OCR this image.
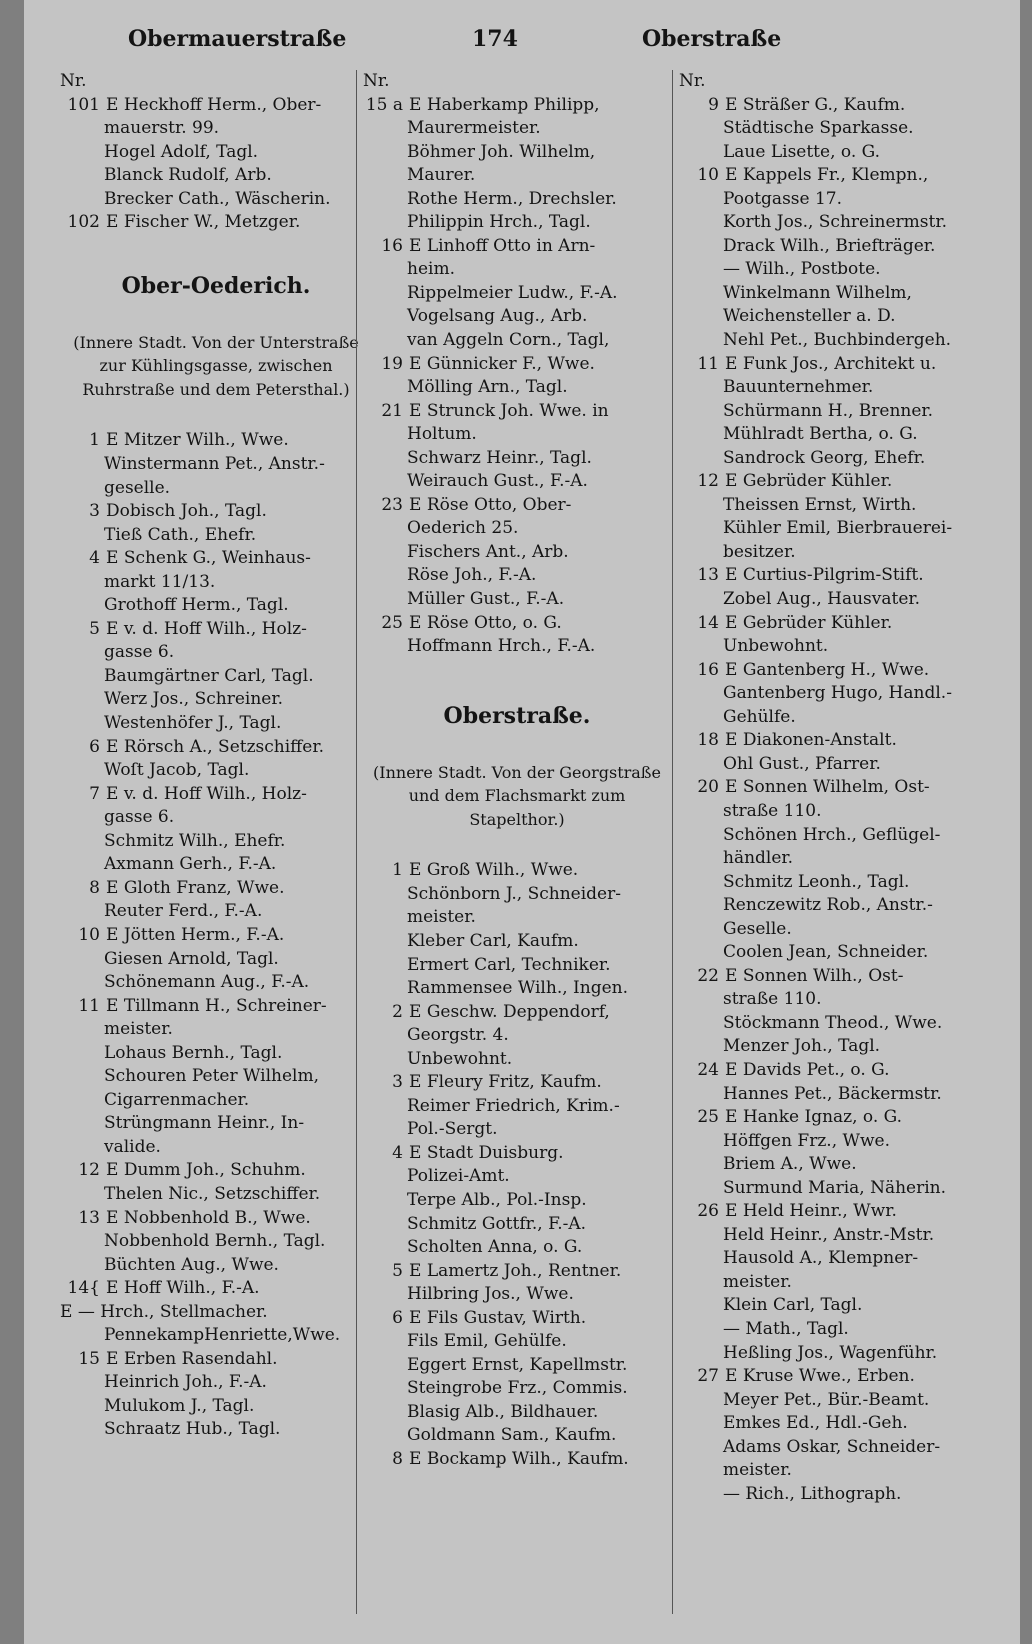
Obermauerstraße	174	Oberstraße
Nr.
101 E Heckhoff Herm., Ober-
mauerstr. 99.
Hogel Adolf, Tagl.
Blanck Rudolf, Arb.
Brecker Cath., Wäscherin.
102 E Fischer W., Metzger.
Ober-Oederich.
(Innere Stadt. Von der Unterstraße zur Kühlingsgasse, zwischen Ruhrstraße und dem Petersthal.)
1 E Mitzer Wilh., Wwe.
Winstermann Pet., Anstr.-
gesellе.
3 Dobisch Joh., Tagl.
Tieß Cath., Ehefr.
4 E Schenk G., Weinhaus-
markt 11/13.
Grothoff Herm., Tagl.
5 E v. d. Hoff Wilh., Holz-
gasse 6.
Baumgärtner Carl, Tagl.
Werz Jos., Schreiner.
Westenhöfer J., Tagl.
6 E Rörsch A., Setzschiffer.
Woſt Jacob, Tagl.
7 E v. d. Hoff Wilh., Holz-
gasse 6.
Schmitz Wilh., Ehefr.
Axmann Gerh., F.-A.
8 E Gloth Franz, Wwe.
Reuter Ferd., F.-A.
10 E Jötten Herm., F.-A.
Giesen Arnold, Tagl.
Schönemann Aug., F.-A.
11 E Tillmann H., Schreiner-
meister.
Lohaus Bernh., Tagl.
Schouren Peter Wilhelm,
Cigarrenmacher.
Strüngmann Heinr., In-
valide.
12 E Dumm Joh., Schuhm.
Thelen Nic., Setzschiffer.
13 E Nobbenhold B., Wwe.
Nobbenhold Bernh., Tagl.
Büchten Aug., Wwe.
14{ E Hoff Wilh., F.-A.
E — Hrch., Stellmacher.
PennekampHenriette,Wwe.
15 E Erben Rasendahl.
Heinrich Joh., F.-A.
Mulukom J., Tagl.
Schraatz Hub., Tagl.
Nr.
15 a E Haberkamp Philipp,
Maurermeister.
Böhmer Joh. Wilhelm,
Maurer.
Rothe Herm., Drechsler.
Philippin Hrch., Tagl.
16 E Linhoff Otto in Arn-
heim.
Rippelmeier Ludw., F.-A.
Vogelsang Aug., Arb.
van Aggeln Corn., Tagl,
19 E Günnicker F., Wwe.
Mölling Arn., Tagl.
21 E Strunck Joh. Wwe. in
Holtum.
Schwarz Heinr., Tagl.
Weirauch Gust., F.-A.
23 E Röse Otto, Ober-
Oederich 25.
Fischers Ant., Arb.
Röse Joh., F.-A.
Müller Gust., F.-A.
25 E Röse Otto, o. G.
Hoffmann Hrch., F.-A.
Oberstraße.
(Innere Stadt. Von der Georgstraße und dem Flachsmarkt zum Stapelthor.)
1 E Groß Wilh., Wwe.
Schönborn J., Schneider-
meister.
Kleber Carl, Kaufm.
Ermert Carl, Techniker.
Rammensee Wilh., Ingen.
2 E Geschw. Deppendorf,
Georgstr. 4.
Unbewohnt.
3 E Fleury Fritz, Kaufm.
Reimer Friedrich, Krim.-
Pol.-Sergt.
4 E Stadt Duisburg.
Polizei-Amt.
Terpe Alb., Pol.-Insp.
Schmitz Gottfr., F.-A.
Scholten Anna, o. G.
5 E Lamertz Joh., Rentner.
Hilbring Jos., Wwe.
6 E Fils Gustav, Wirth.
Fils Emil, Gehülfe.
Eggert Ernst, Kapellmstr.
Steingrobe Frz., Commis.
Blasig Alb., Bildhauer.
Goldmann Sam., Kaufm.
8 E Bockamp Wilh., Kaufm.
Nr.
9 E Sträßer G., Kaufm.
Städtische Sparkasse.
Laue Lisette, o. G.
10 E Kappels Fr., Klempn.,
Pootgasse 17.
Korth Jos., Schreinermstr.
Drack Wilh., Briefträger.
— Wilh., Postbote.
Winkelmann Wilhelm,
Weichensteller a. D.
Nehl Pet., Buchbindergeh.
11 E Funk Jos., Architekt u.
Bauunternehmer.
Schürmann H., Brenner.
Mühlradt Bertha, o. G.
Sandrock Georg, Ehefr.
12 E Gebrüder Kühler.
Theissen Ernst, Wirth.
Kühler Emil, Bierbrauerei-
besitzer.
13 E Curtius-Pilgrim-Stift.
Zobel Aug., Hausvater.
14 E Gebrüder Kühler.
Unbewohnt.
16 E Gantenberg H., Wwe.
Gantenberg Hugo, Handl.-
Gehülfe.
18 E Diakonen-Anstalt.
Ohl Gust., Pfarrer.
20 E Sonnen Wilhelm, Ost-
straße 110.
Schönen Hrch., Geflügel-
händler.
Schmitz Leonh., Tagl.
Renczewitz Rob., Anstr.-
Geselle.
Coolen Jean, Schneider.
22 E Sonnen Wilh., Ost-
straße 110.
Stöckmann Theod., Wwe.
Menzer Joh., Tagl.
24 E Davids Pet., o. G.
Hannes Pet., Bäckermstr.
25 E Hanke Ignaz, o. G.
Höffgen Frz., Wwe.
Briem A., Wwe.
Surmund Maria, Näherin.
26 E Held Heinr., Wwr.
Held Heinr., Anstr.-Mstr.
Hausold A., Klempner-
meister.
Klein Carl, Tagl.
— Math., Tagl.
Heßling Jos., Wagenführ.
27 E Kruse Wwe., Erben.
Meyer Pet., Bür.-Beamt.
Emkes Ed., Hdl.-Geh.
Adams Oskar, Schneider-
meister.
— Rich., Lithograph.
